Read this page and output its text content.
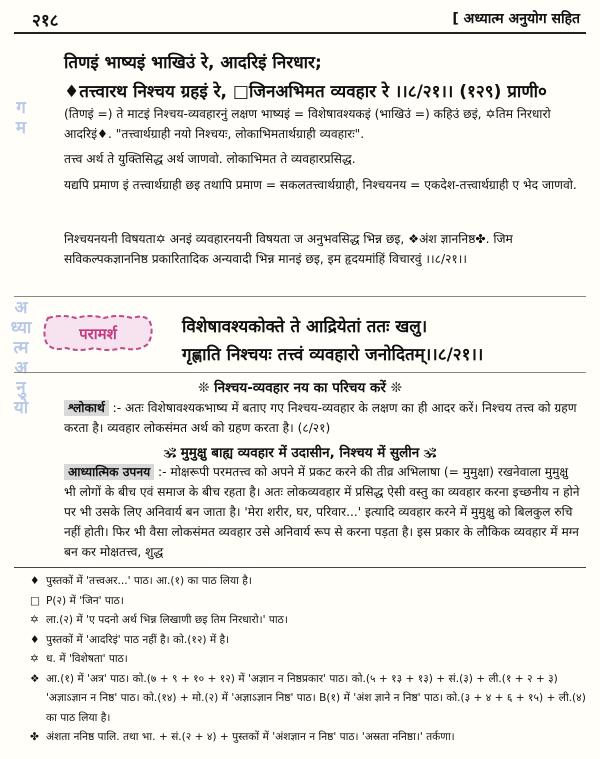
२१८	[ अध्यात्म अनुयोग सहित
ग
म
अ
ध्या
त्म
अ
नु
यो
तिणइं भाष्यइं भाखिउं रे, आदरिइं निरधार;
♦तत्त्वारथ निश्चय ग्रहइं रे, □जिनअभिमत व्यवहार रे ।।८/२१।। (१२९) प्राणी०
(तिणइं =) ते माटइं निश्चय-व्यवहारनुं लक्षण भाष्यइं = विशेषावश्यकइं (भाखिउं =) कहिउं छइं, ✡तिम निरधारो आदरिइं♦. "तत्त्वार्थग्राही नयो निश्चयः, लोकाभिमतार्थग्राही व्यवहारः".
तत्त्व अर्थ ते युक्तिसिद्ध अर्थ जाणवो. लोकाभिमत ते व्यवहारप्रसिद्ध.
यद्यपि प्रमाण इं तत्त्वार्थग्राही छइ तथापि प्रमाण = सकलतत्त्वार्थग्राही, निश्चयनय = एकदेश-तत्त्वार्थग्राही ए भेद जाणवो.
निश्चयनयनी विषयता✡ अनइं व्यवहारनयनी विषयता ज अनुभवसिद्ध भिन्न छइ, ❖अंश ज्ञाननिष्ठ✤. जिम सविकल्पकज्ञाननिष्ठ प्रकारितादिक अन्यवादी भिन्न मानइं छइ, इम हृदयमांहिं विचारवुं ।।८/२१।।
परामर्श	विशेषावश्यकोक्ते ते आद्रियेतां ततः खलु।
गृह्णाति निश्चयः तत्त्वं व्यवहारो जनोदितम्।।८/२१।।
❊ निश्चय-व्यवहार नय का परिचय करें ❊
श्लोकार्थ :- अतः विशेषावश्यकभाष्य में बताए गए निश्चय-व्यवहार के लक्षण का ही आदर करें। निश्चय तत्त्व को ग्रहण करता है। व्यवहार लोकसंमत अर्थ को ग्रहण करता है। (८/२१)
🕉 मुमुक्षु बाह्य व्यवहार में उदासीन, निश्चय में सुलीन 🕉
आध्यात्मिक उपनय :- मोक्षरूपी परमतत्त्व को अपने में प्रकट करने की तीव्र अभिलाषा (= मुमुक्षा) रखनेवाला मुमुक्षु भी लोगों के बीच एवं समाज के बीच रहता है। अतः लोकव्यवहार में प्रसिद्ध ऐसी वस्तु का व्यवहार करना इच्छनीय न होने पर भी उसके लिए अनिवार्य बन जाता है। 'मेरा शरीर, घर, परिवार...' इत्यादि व्यवहार करने में मुमुक्षु को बिलकुल रुचि नहीं होती। फिर भी वैसा लोकसंमत व्यवहार उसे अनिवार्य रूप से करना पड़ता है। इस प्रकार के लौकिक व्यवहार में मग्न बन कर मोक्षतत्त्व, शुद्ध
♦ पुस्तकों में 'तत्त्वअर...' पाठ। आ.(१) का पाठ लिया है।
□ P(२) में 'जिन' पाठ।
✡ ला.(२) में 'ए पदनो अर्थ भिन्न लिखाणी छइ तिम निरधारो।' पाठ।
♦ पुस्तकों में 'आदरिइं' पाठ नहीं है। को.(१२) में है।
✡ ध. में 'विशेषता' पाठ।
❖ आ.(१) में 'अत्र' पाठ। को.(७ + ९ + १० + १२) में 'अज्ञान न निष्ठप्रकार' पाठ। को.(५ + १३ + १३) + सं.(३) + ली.(१ + २ + ३) 'अज्ञाऽज्ञान न निष्ठ' पाठ। को.(१४) + मो.(२) में 'अज्ञाऽज्ञान निष्ठ' पाठ। B(१) में 'अंश ज्ञाने न निष्ठ' पाठ। को.(३ + ४ + ६ + १५) + ली.(४) का पाठ लिया है।
✤ अंशता ननिष्ठ पालि. तथा भा. + सं.(२ + ४) + पुस्तकों में 'अंशज्ञान न निष्ठ' पाठ। 'अस्रता ननिष्ठा।' तर्कणा।
